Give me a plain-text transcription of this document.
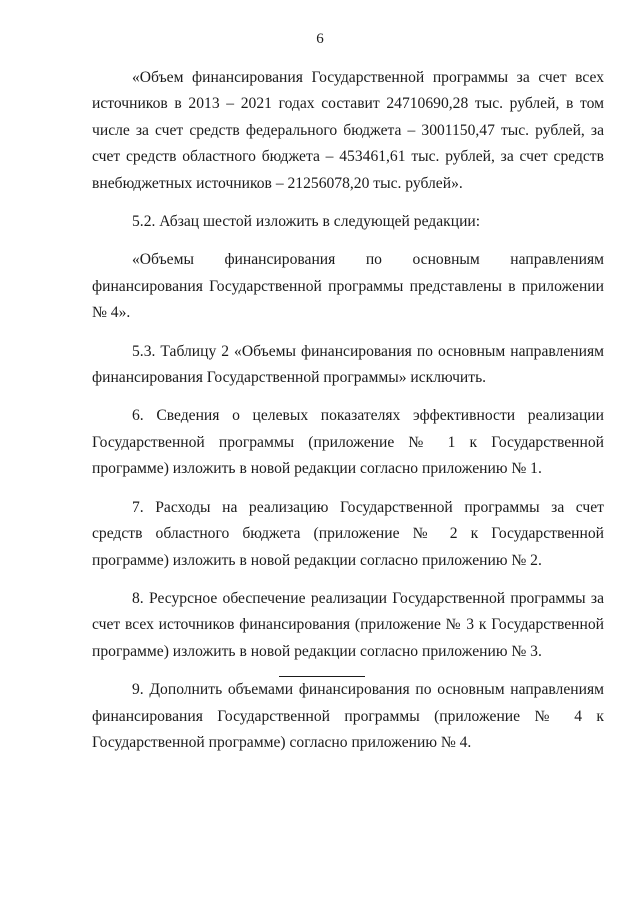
6

«Объем финансирования Государственной программы за счет всех источников в 2013 – 2021 годах составит 24710690,28 тыс. рублей, в том числе за счет средств федерального бюджета – 3001150,47 тыс. рублей, за счет средств областного бюджета – 453461,61 тыс. рублей, за счет средств внебюджетных источников – 21256078,20 тыс. рублей».

5.2. Абзац шестой изложить в следующей редакции:

«Объемы финансирования по основным направлениям финансирования Государственной программы представлены в приложении № 4».

5.3. Таблицу 2 «Объемы финансирования по основным направлениям финансирования Государственной программы» исключить.

6. Сведения о целевых показателях эффективности реализации Государственной программы (приложение № 1 к Государственной программе) изложить в новой редакции согласно приложению № 1.

7. Расходы на реализацию Государственной программы за счет средств областного бюджета (приложение № 2 к Государственной программе) изложить в новой редакции согласно приложению № 2.

8. Ресурсное обеспечение реализации Государственной программы за счет всех источников финансирования (приложение № 3 к Государственной программе) изложить в новой редакции согласно приложению № 3.

9. Дополнить объемами финансирования по основным направлениям финансирования Государственной программы (приложение № 4 к Государственной программе) согласно приложению № 4.
